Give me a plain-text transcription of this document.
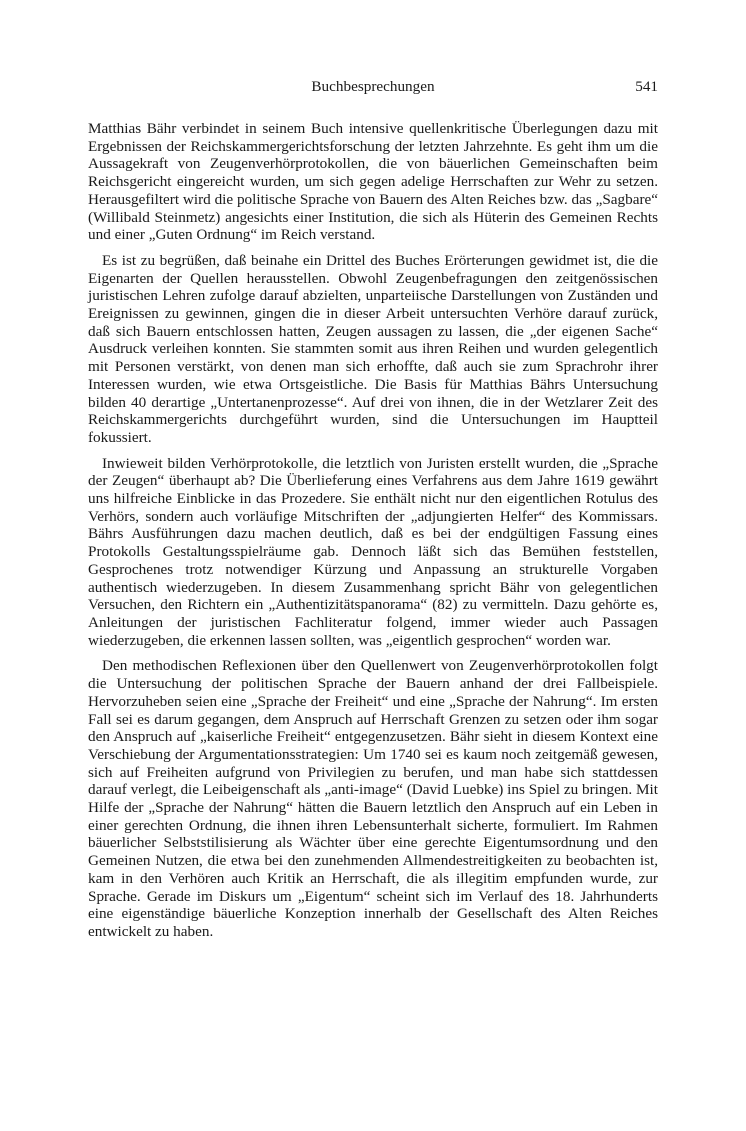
Buchbesprechungen	541

Matthias Bähr verbindet in seinem Buch intensive quellenkritische Überlegungen dazu mit Ergebnissen der Reichskammergerichtsforschung der letzten Jahrzehnte. Es geht ihm um die Aussagekraft von Zeugenverhörprotokollen, die von bäuerlichen Gemeinschaften beim Reichsgericht eingereicht wurden, um sich gegen adelige Herrschaften zur Wehr zu setzen. Herausgefiltert wird die politische Sprache von Bauern des Alten Reiches bzw. das „Sagbare“ (Willibald Steinmetz) angesichts einer Institution, die sich als Hüterin des Gemeinen Rechts und einer „Guten Ordnung“ im Reich verstand.

Es ist zu begrüßen, daß beinahe ein Drittel des Buches Erörterungen gewidmet ist, die die Eigenarten der Quellen herausstellen. Obwohl Zeugenbefragungen den zeitgenössischen juristischen Lehren zufolge darauf abzielten, unparteiische Darstellungen von Zuständen und Ereignissen zu gewinnen, gingen die in dieser Arbeit untersuchten Verhöre darauf zurück, daß sich Bauern entschlossen hatten, Zeugen aussagen zu lassen, die „der eigenen Sache“ Ausdruck verleihen konnten. Sie stammten somit aus ihren Reihen und wurden gelegentlich mit Personen verstärkt, von denen man sich erhoffte, daß auch sie zum Sprachrohr ihrer Interessen wurden, wie etwa Ortsgeistliche. Die Basis für Matthias Bährs Untersuchung bilden 40 derartige „Untertanenprozesse“. Auf drei von ihnen, die in der Wetzlarer Zeit des Reichskammergerichts durchgeführt wurden, sind die Untersuchungen im Hauptteil fokussiert.

Inwieweit bilden Verhörprotokolle, die letztlich von Juristen erstellt wurden, die „Sprache der Zeugen“ überhaupt ab? Die Überlieferung eines Verfahrens aus dem Jahre 1619 gewährt uns hilfreiche Einblicke in das Prozedere. Sie enthält nicht nur den eigentlichen Rotulus des Verhörs, sondern auch vorläufige Mitschriften der „adjungierten Helfer“ des Kommissars. Bährs Ausführungen dazu machen deutlich, daß es bei der endgültigen Fassung eines Protokolls Gestaltungsspielräume gab. Dennoch läßt sich das Bemühen feststellen, Gesprochenes trotz notwendiger Kürzung und Anpassung an strukturelle Vorgaben authentisch wiederzugeben. In diesem Zusammenhang spricht Bähr von gelegentlichen Versuchen, den Richtern ein „Authentizitätspanorama“ (82) zu vermitteln. Dazu gehörte es, Anleitungen der juristischen Fachliteratur folgend, immer wieder auch Passagen wiederzugeben, die erkennen lassen sollten, was „eigentlich gesprochen“ worden war.

Den methodischen Reflexionen über den Quellenwert von Zeugenverhörprotokollen folgt die Untersuchung der politischen Sprache der Bauern anhand der drei Fallbeispiele. Hervorzuheben seien eine „Sprache der Freiheit“ und eine „Sprache der Nahrung“. Im ersten Fall sei es darum gegangen, dem Anspruch auf Herrschaft Grenzen zu setzen oder ihm sogar den Anspruch auf „kaiserliche Freiheit“ entgegenzusetzen. Bähr sieht in diesem Kontext eine Verschiebung der Argumentationsstrategien: Um 1740 sei es kaum noch zeitgemäß gewesen, sich auf Freiheiten aufgrund von Privilegien zu berufen, und man habe sich stattdessen darauf verlegt, die Leibeigenschaft als „anti-image“ (David Luebke) ins Spiel zu bringen. Mit Hilfe der „Sprache der Nahrung“ hätten die Bauern letztlich den Anspruch auf ein Leben in einer gerechten Ordnung, die ihnen ihren Lebensunterhalt sicherte, formuliert. Im Rahmen bäuerlicher Selbststilisierung als Wächter über eine gerechte Eigentumsordnung und den Gemeinen Nutzen, die etwa bei den zunehmenden Allmendestreitigkeiten zu beobachten ist, kam in den Verhören auch Kritik an Herrschaft, die als illegitim empfunden wurde, zur Sprache. Gerade im Diskurs um „Eigentum“ scheint sich im Verlauf des 18. Jahrhunderts eine eigenständige bäuerliche Konzeption innerhalb der Gesellschaft des Alten Reiches entwickelt zu haben.
